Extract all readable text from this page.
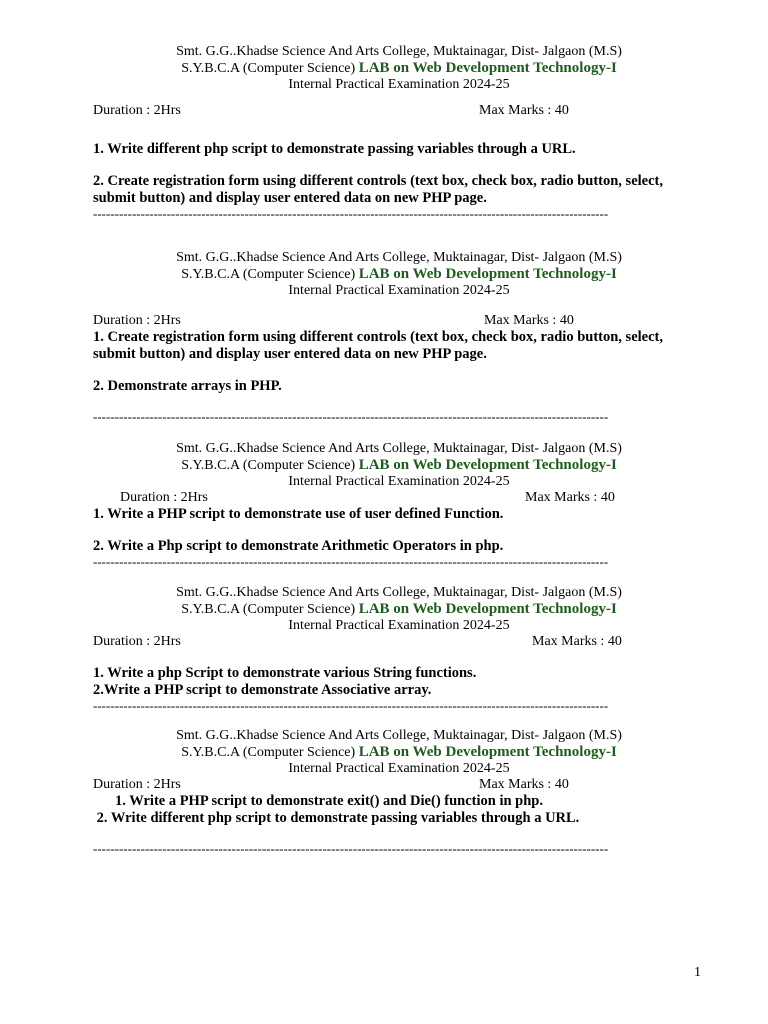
Smt. G.G..Khadse Science And Arts College, Muktainagar, Dist- Jalgaon (M.S)
S.Y.B.C.A (Computer Science) LAB on Web Development Technology-I
Internal Practical Examination 2024-25
Duration : 2Hrs	Max Marks : 40
1. Write different php script to demonstrate passing variables through a URL.
2. Create registration form using different controls (text box, check box, radio button, select, submit button) and display user entered data on new PHP page.
-----------------------------------------------------------------------------------------------------------------------
Smt. G.G..Khadse Science And Arts College, Muktainagar, Dist- Jalgaon (M.S)
S.Y.B.C.A (Computer Science) LAB on Web Development Technology-I
Internal Practical Examination 2024-25
Duration : 2Hrs	Max Marks : 40
1. Create registration form using different controls (text box, check box, radio button, select, submit button) and display user entered data on new PHP page.
2. Demonstrate arrays in PHP.
-----------------------------------------------------------------------------------------------------------------------
Smt. G.G..Khadse Science And Arts College, Muktainagar, Dist- Jalgaon (M.S)
S.Y.B.C.A (Computer Science) LAB on Web Development Technology-I
Internal Practical Examination 2024-25
Duration : 2Hrs	Max Marks : 40
1. Write a PHP script to demonstrate use of user defined Function.
2. Write a Php script to demonstrate Arithmetic Operators in php.
-----------------------------------------------------------------------------------------------------------------------
Smt. G.G..Khadse Science And Arts College, Muktainagar, Dist- Jalgaon (M.S)
S.Y.B.C.A (Computer Science) LAB on Web Development Technology-I
Internal Practical Examination 2024-25
Duration : 2Hrs	Max Marks : 40
1. Write a php Script to demonstrate various String functions.
2.Write a PHP script to demonstrate Associative array.
-----------------------------------------------------------------------------------------------------------------------
Smt. G.G..Khadse Science And Arts College, Muktainagar, Dist- Jalgaon (M.S)
S.Y.B.C.A (Computer Science) LAB on Web Development Technology-I
Internal Practical Examination 2024-25
Duration : 2Hrs	Max Marks : 40
1. Write a PHP script to demonstrate exit() and Die() function in php.
2. Write different php script to demonstrate passing variables through a URL.
-----------------------------------------------------------------------------------------------------------------------
1
